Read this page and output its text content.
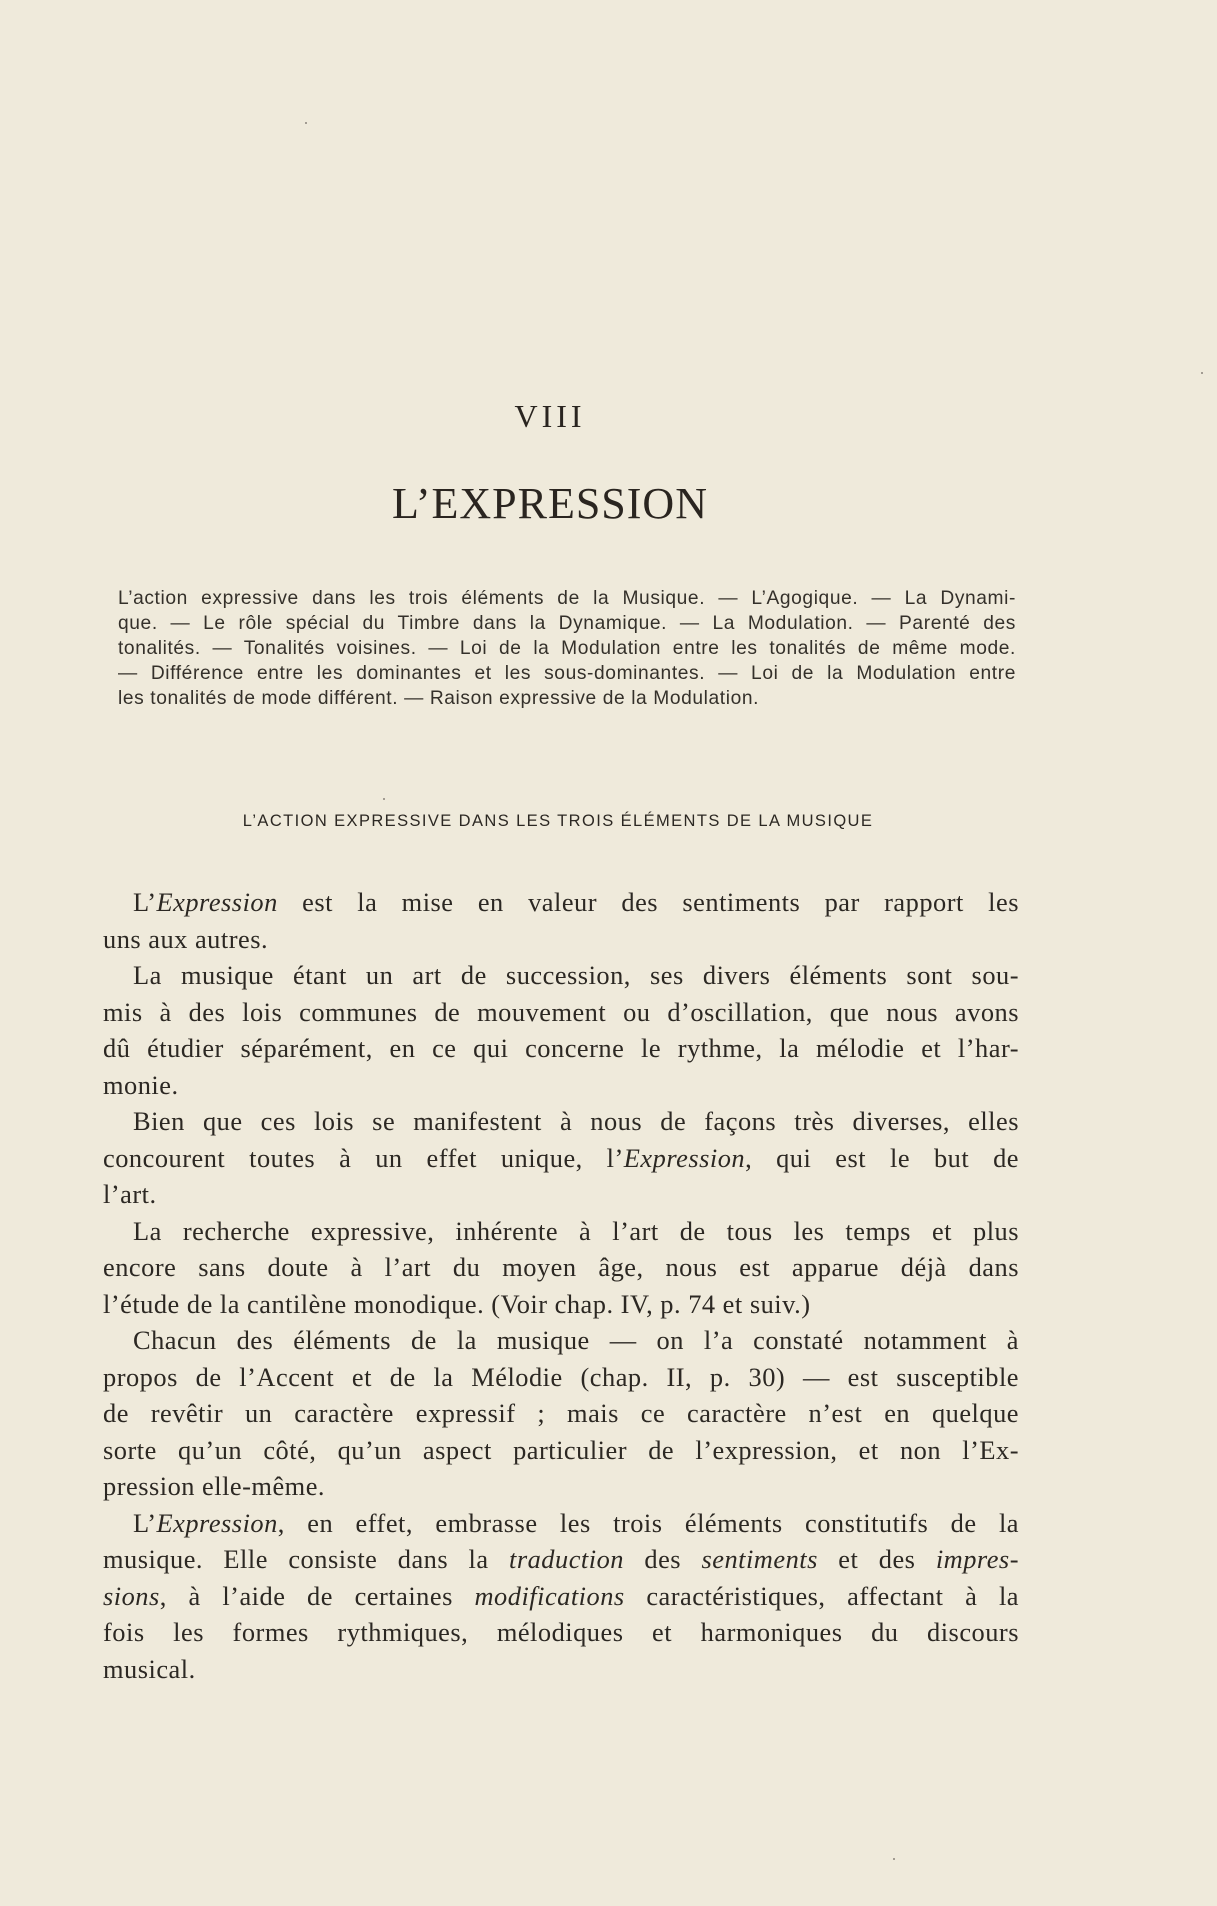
VIII
L’EXPRESSION
L’action expressive dans les trois éléments de la Musique. — L’Agogique. — La Dynami-
que. — Le rôle spécial du Timbre dans la Dynamique. — La Modulation. — Parenté des
tonalités. — Tonalités voisines. — Loi de la Modulation entre les tonalités de même mode.
— Différence entre les dominantes et les sous-dominantes. — Loi de la Modulation entre
les tonalités de mode différent. — Raison expressive de la Modulation.
L’ACTION EXPRESSIVE DANS LES TROIS ÉLÉMENTS DE LA MUSIQUE
L’Expression est la mise en valeur des sentiments par rapport les
uns aux autres.
La musique étant un art de succession, ses divers éléments sont sou-
mis à des lois communes de mouvement ou d’oscillation, que nous avons
dû étudier séparément, en ce qui concerne le rythme, la mélodie et l’har-
monie.
Bien que ces lois se manifestent à nous de façons très diverses, elles
concourent toutes à un effet unique, l’Expression, qui est le but de
l’art.
La recherche expressive, inhérente à l’art de tous les temps et plus
encore sans doute à l’art du moyen âge, nous est apparue déjà dans
l’étude de la cantilène monodique. (Voir chap. IV, p. 74 et suiv.)
Chacun des éléments de la musique — on l’a constaté notamment à
propos de l’Accent et de la Mélodie (chap. II, p. 30) — est susceptible
de revêtir un caractère expressif ; mais ce caractère n’est en quelque
sorte qu’un côté, qu’un aspect particulier de l’expression, et non l’Ex-
pression elle-même.
L’Expression, en effet, embrasse les trois éléments constitutifs de la
musique. Elle consiste dans la traduction des sentiments et des impres-
sions, à l’aide de certaines modifications caractéristiques, affectant à la
fois les formes rythmiques, mélodiques et harmoniques du discours
musical.
